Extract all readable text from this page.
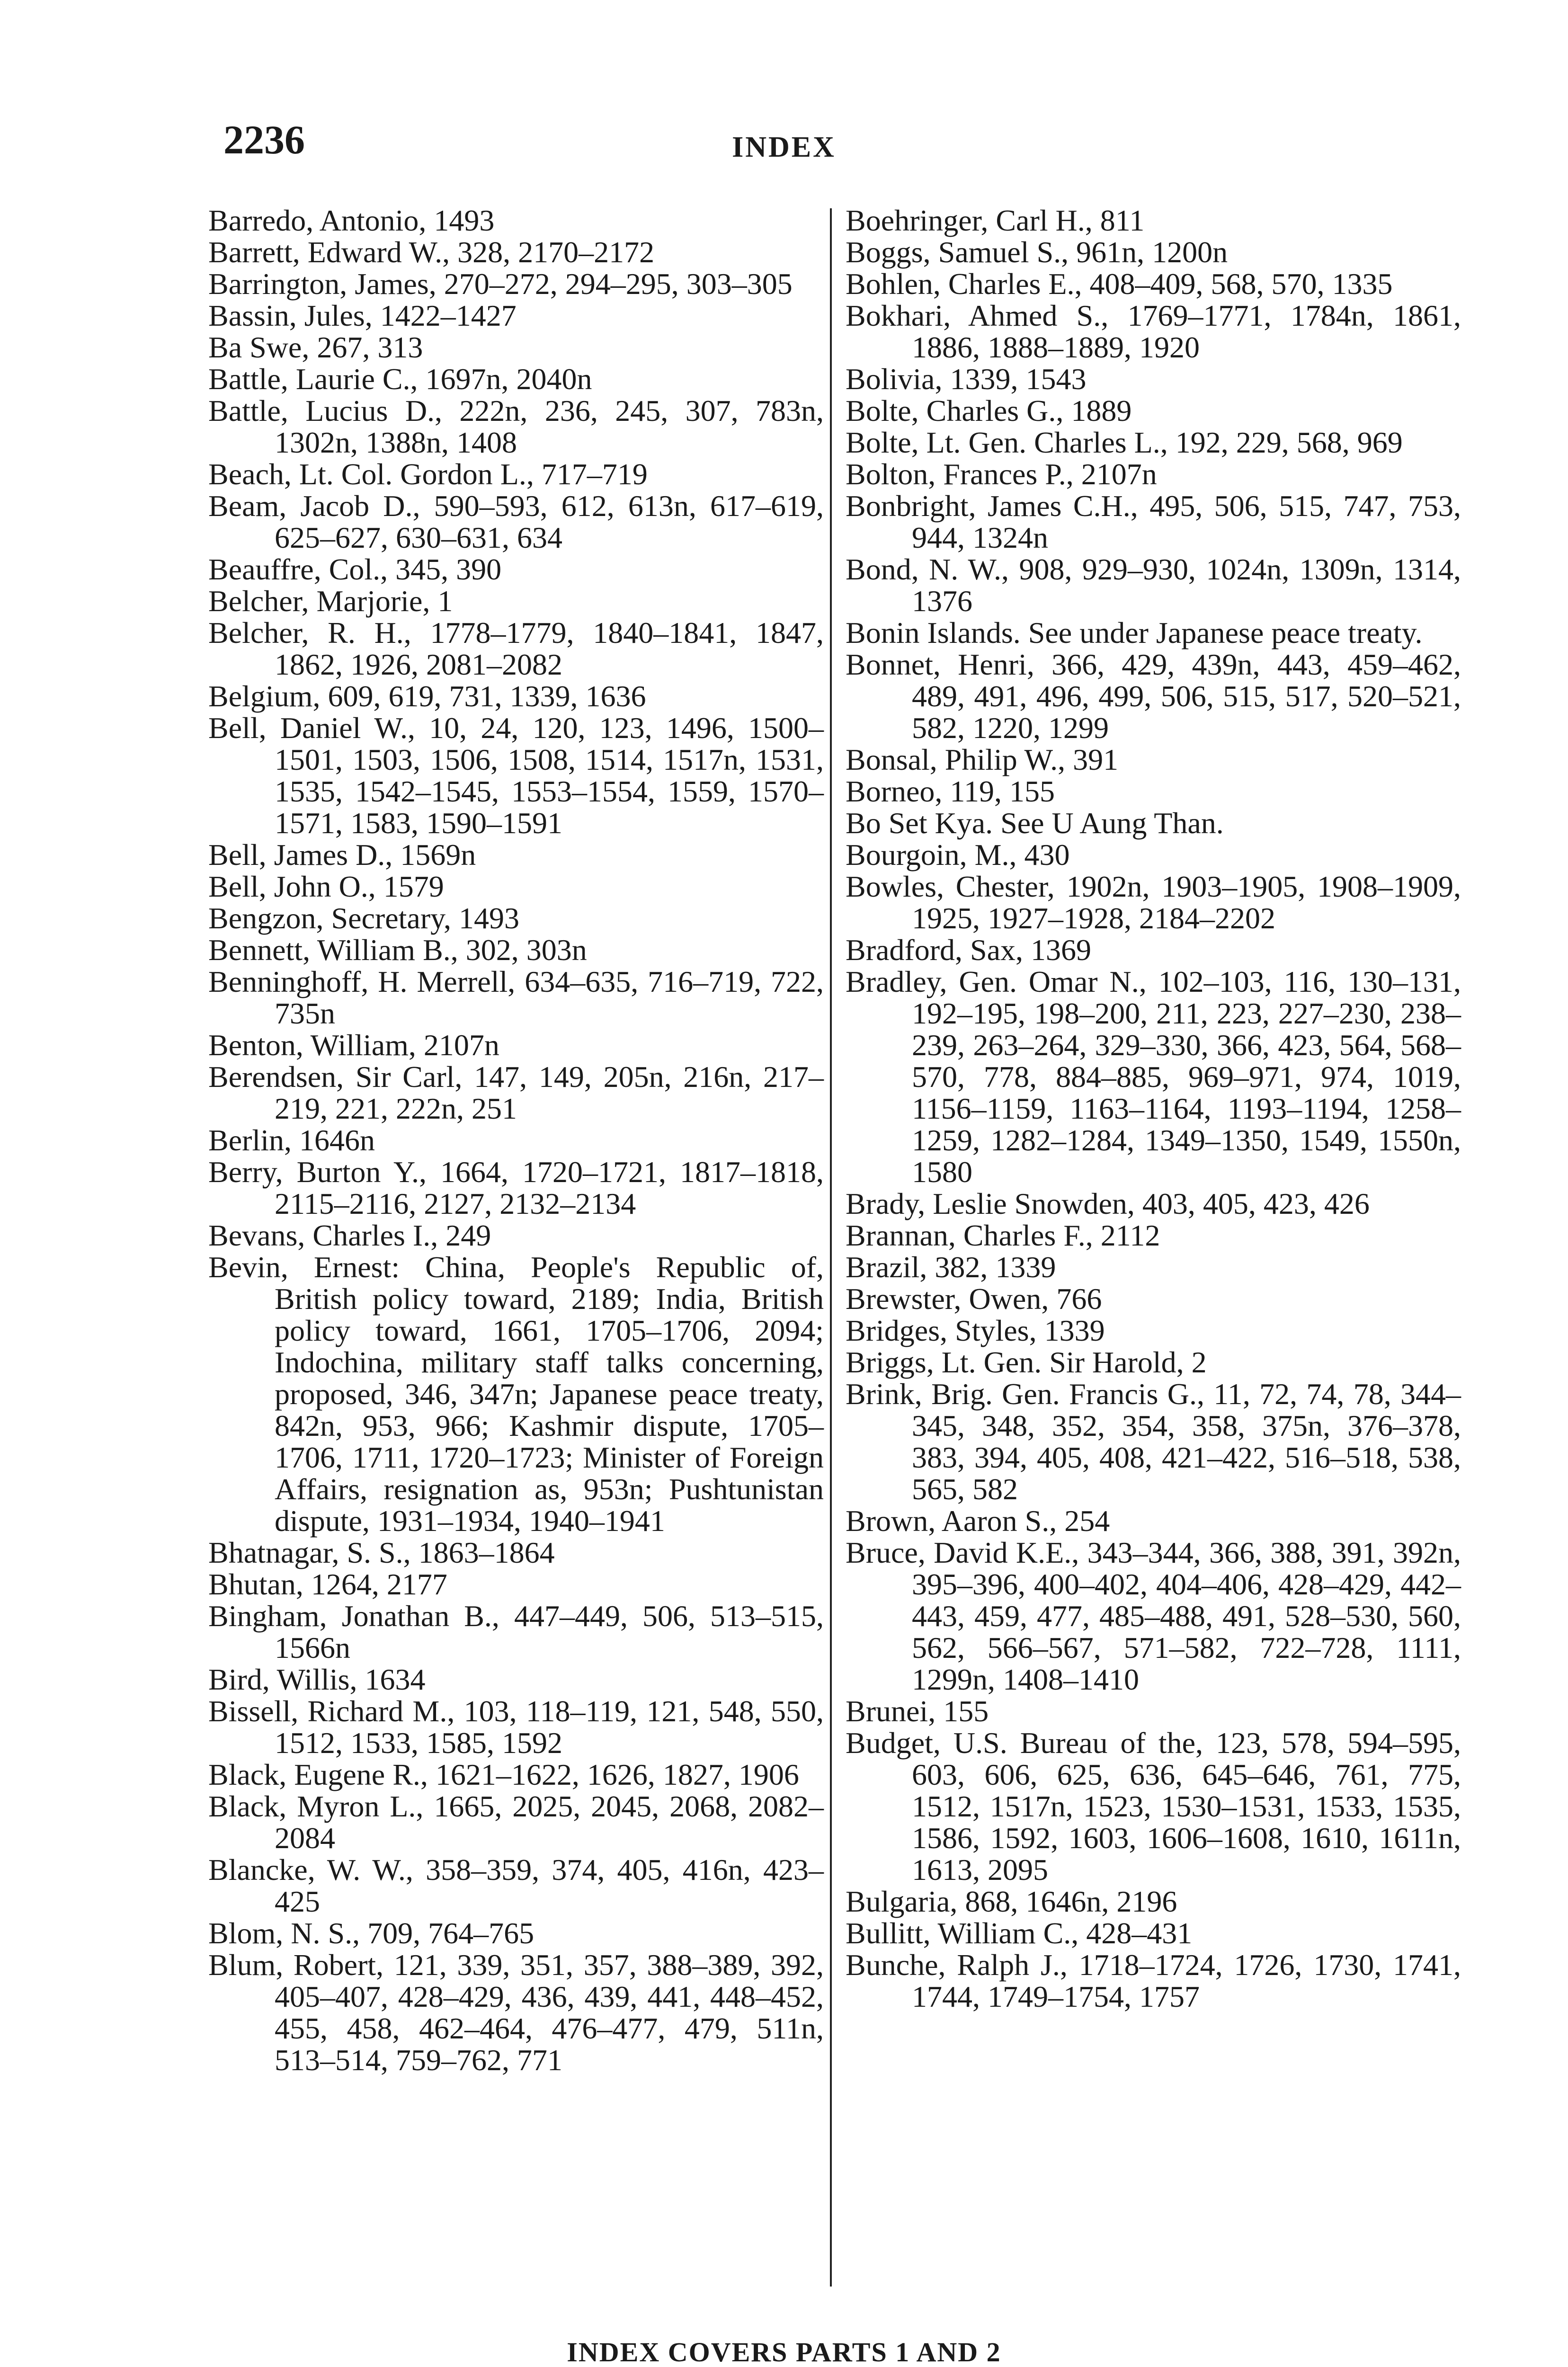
2236	INDEX

Barredo, Antonio, 1493

Barrett, Edward W., 328, 2170–2172

Barrington, James, 270–272, 294–295, 303–305

Bassin, Jules, 1422–1427

Ba Swe, 267, 313

Battle, Laurie C., 1697n, 2040n

Battle, Lucius D., 222n, 236, 245, 307, 783n, 1302n, 1388n, 1408

Beach, Lt. Col. Gordon L., 717–719

Beam, Jacob D., 590–593, 612, 613n, 617–619, 625–627, 630–631, 634

Beauffre, Col., 345, 390

Belcher, Marjorie, 1

Belcher, R. H., 1778–1779, 1840–1841, 1847, 1862, 1926, 2081–2082

Belgium, 609, 619, 731, 1339, 1636

Bell, Daniel W., 10, 24, 120, 123, 1496, 1500–1501, 1503, 1506, 1508, 1514, 1517n, 1531, 1535, 1542–1545, 1553–1554, 1559, 1570–1571, 1583, 1590–1591

Bell, James D., 1569n

Bell, John O., 1579

Bengzon, Secretary, 1493

Bennett, William B., 302, 303n

Benninghoff, H. Merrell, 634–635, 716–719, 722, 735n

Benton, William, 2107n

Berendsen, Sir Carl, 147, 149, 205n, 216n, 217–219, 221, 222n, 251

Berlin, 1646n

Berry, Burton Y., 1664, 1720–1721, 1817–1818, 2115–2116, 2127, 2132–2134

Bevans, Charles I., 249

Bevin, Ernest: China, People's Republic of, British policy toward, 2189; India, British policy toward, 1661, 1705–1706, 2094; Indochina, military staff talks concerning, proposed, 346, 347n; Japanese peace treaty, 842n, 953, 966; Kashmir dispute, 1705–1706, 1711, 1720–1723; Minister of Foreign Affairs, resignation as, 953n; Pushtunistan dispute, 1931–1934, 1940–1941

Bhatnagar, S. S., 1863–1864

Bhutan, 1264, 2177

Bingham, Jonathan B., 447–449, 506, 513–515, 1566n

Bird, Willis, 1634

Bissell, Richard M., 103, 118–119, 121, 548, 550, 1512, 1533, 1585, 1592

Black, Eugene R., 1621–1622, 1626, 1827, 1906

Black, Myron L., 1665, 2025, 2045, 2068, 2082–2084

Blancke, W. W., 358–359, 374, 405, 416n, 423–425

Blom, N. S., 709, 764–765

Blum, Robert, 121, 339, 351, 357, 388–389, 392, 405–407, 428–429, 436, 439, 441, 448–452, 455, 458, 462–464, 476–477, 479, 511n, 513–514, 759–762, 771

Boehringer, Carl H., 811

Boggs, Samuel S., 961n, 1200n

Bohlen, Charles E., 408–409, 568, 570, 1335

Bokhari, Ahmed S., 1769–1771, 1784n, 1861, 1886, 1888–1889, 1920

Bolivia, 1339, 1543

Bolte, Charles G., 1889

Bolte, Lt. Gen. Charles L., 192, 229, 568, 969

Bolton, Frances P., 2107n

Bonbright, James C.H., 495, 506, 515, 747, 753, 944, 1324n

Bond, N. W., 908, 929–930, 1024n, 1309n, 1314, 1376

Bonin Islands. See under Japanese peace treaty.

Bonnet, Henri, 366, 429, 439n, 443, 459–462, 489, 491, 496, 499, 506, 515, 517, 520–521, 582, 1220, 1299

Bonsal, Philip W., 391

Borneo, 119, 155

Bo Set Kya. See U Aung Than.

Bourgoin, M., 430

Bowles, Chester, 1902n, 1903–1905, 1908–1909, 1925, 1927–1928, 2184–2202

Bradford, Sax, 1369

Bradley, Gen. Omar N., 102–103, 116, 130–131, 192–195, 198–200, 211, 223, 227–230, 238–239, 263–264, 329–330, 366, 423, 564, 568–570, 778, 884–885, 969–971, 974, 1019, 1156–1159, 1163–1164, 1193–1194, 1258–1259, 1282–1284, 1349–1350, 1549, 1550n, 1580

Brady, Leslie Snowden, 403, 405, 423, 426

Brannan, Charles F., 2112

Brazil, 382, 1339

Brewster, Owen, 766

Bridges, Styles, 1339

Briggs, Lt. Gen. Sir Harold, 2

Brink, Brig. Gen. Francis G., 11, 72, 74, 78, 344–345, 348, 352, 354, 358, 375n, 376–378, 383, 394, 405, 408, 421–422, 516–518, 538, 565, 582

Brown, Aaron S., 254

Bruce, David K.E., 343–344, 366, 388, 391, 392n, 395–396, 400–402, 404–406, 428–429, 442–443, 459, 477, 485–488, 491, 528–530, 560, 562, 566–567, 571–582, 722–728, 1111, 1299n, 1408–1410

Brunei, 155

Budget, U.S. Bureau of the, 123, 578, 594–595, 603, 606, 625, 636, 645–646, 761, 775, 1512, 1517n, 1523, 1530–1531, 1533, 1535, 1586, 1592, 1603, 1606–1608, 1610, 1611n, 1613, 2095

Bulgaria, 868, 1646n, 2196

Bullitt, William C., 428–431

Bunche, Ralph J., 1718–1724, 1726, 1730, 1741, 1744, 1749–1754, 1757

INDEX COVERS PARTS 1 AND 2
